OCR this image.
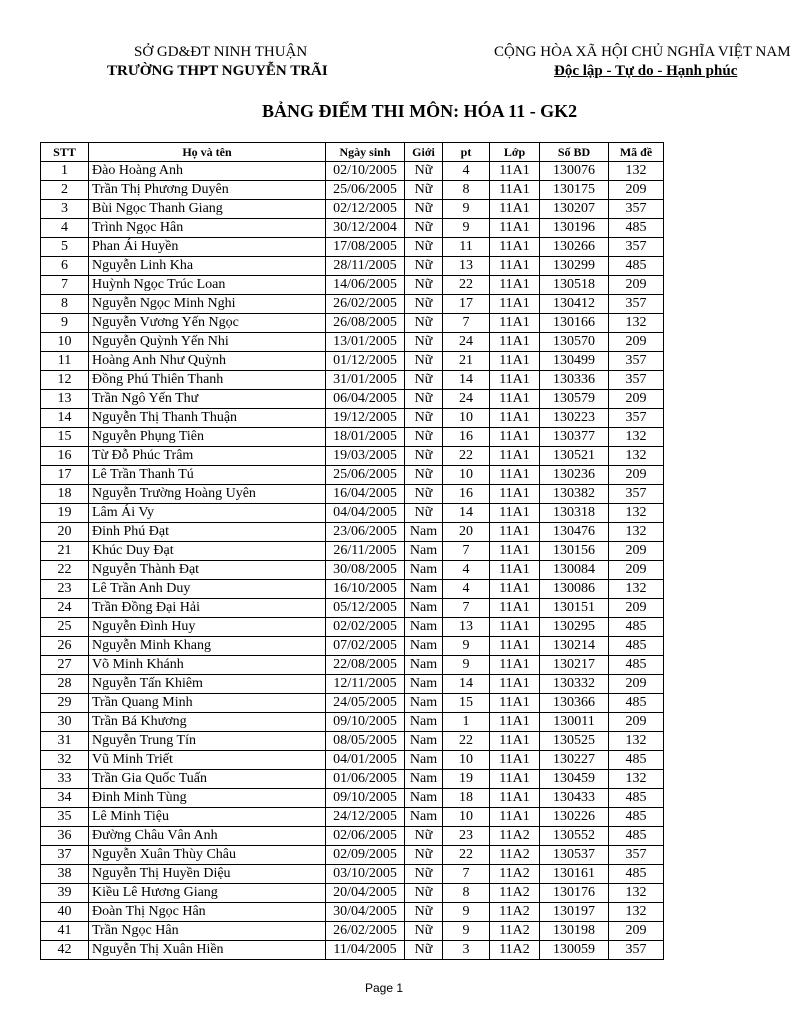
SỞ GD&ĐT NINH THUẬN
TRƯỜNG THPT NGUYỄN TRÃI
CỘNG HÒA XÃ HỘI CHỦ NGHĨA VIỆT NAM
Độc lập - Tự do - Hạnh phúc
BẢNG ĐIỂM THI MÔN: HÓA 11 - GK2
STT	Họ và tên	Ngày sinh	Giới	pt	Lớp	Số BD	Mã đề
1	Đào Hoàng Anh	02/10/2005	Nữ	4	11A1	130076	132
2	Trần Thị Phương Duyên	25/06/2005	Nữ	8	11A1	130175	209
3	Bùi Ngọc Thanh Giang	02/12/2005	Nữ	9	11A1	130207	357
4	Trình Ngọc Hân	30/12/2004	Nữ	9	11A1	130196	485
5	Phan Ái Huyền	17/08/2005	Nữ	11	11A1	130266	357
6	Nguyễn Linh Kha	28/11/2005	Nữ	13	11A1	130299	485
7	Huỳnh Ngọc Trúc Loan	14/06/2005	Nữ	22	11A1	130518	209
8	Nguyễn Ngọc Minh Nghi	26/02/2005	Nữ	17	11A1	130412	357
9	Nguyễn Vương Yến Ngọc	26/08/2005	Nữ	7	11A1	130166	132
10	Nguyễn Quỳnh Yến Nhi	13/01/2005	Nữ	24	11A1	130570	209
11	Hoàng Anh Như Quỳnh	01/12/2005	Nữ	21	11A1	130499	357
12	Đồng Phú Thiên Thanh	31/01/2005	Nữ	14	11A1	130336	357
13	Trần Ngô Yến Thư	06/04/2005	Nữ	24	11A1	130579	209
14	Nguyễn Thị Thanh Thuận	19/12/2005	Nữ	10	11A1	130223	357
15	Nguyễn Phụng Tiên	18/01/2005	Nữ	16	11A1	130377	132
16	Từ Đỗ Phúc Trâm	19/03/2005	Nữ	22	11A1	130521	132
17	Lê Trần Thanh Tú	25/06/2005	Nữ	10	11A1	130236	209
18	Nguyễn Trường Hoàng Uyên	16/04/2005	Nữ	16	11A1	130382	357
19	Lâm Ái Vy	04/04/2005	Nữ	14	11A1	130318	132
20	Đinh Phú Đạt	23/06/2005	Nam	20	11A1	130476	132
21	Khúc Duy Đạt	26/11/2005	Nam	7	11A1	130156	209
22	Nguyễn Thành Đạt	30/08/2005	Nam	4	11A1	130084	209
23	Lê Trần Anh Duy	16/10/2005	Nam	4	11A1	130086	132
24	Trần Đồng Đại Hải	05/12/2005	Nam	7	11A1	130151	209
25	Nguyễn Đình Huy	02/02/2005	Nam	13	11A1	130295	485
26	Nguyễn Minh Khang	07/02/2005	Nam	9	11A1	130214	485
27	Võ Minh Khánh	22/08/2005	Nam	9	11A1	130217	485
28	Nguyễn Tấn Khiêm	12/11/2005	Nam	14	11A1	130332	209
29	Trần Quang Minh	24/05/2005	Nam	15	11A1	130366	485
30	Trần Bá Khương	09/10/2005	Nam	1	11A1	130011	209
31	Nguyễn Trung Tín	08/05/2005	Nam	22	11A1	130525	132
32	Vũ Minh Triết	04/01/2005	Nam	10	11A1	130227	485
33	Trần Gia Quốc Tuấn	01/06/2005	Nam	19	11A1	130459	132
34	Đinh Minh Tùng	09/10/2005	Nam	18	11A1	130433	485
35	Lê Minh Tiệu	24/12/2005	Nam	10	11A1	130226	485
36	Đường Châu Vân Anh	02/06/2005	Nữ	23	11A2	130552	485
37	Nguyễn Xuân Thùy Châu	02/09/2005	Nữ	22	11A2	130537	357
38	Nguyễn Thị Huyền Diệu	03/10/2005	Nữ	7	11A2	130161	485
39	Kiều Lê Hương Giang	20/04/2005	Nữ	8	11A2	130176	132
40	Đoàn Thị Ngọc Hân	30/04/2005	Nữ	9	11A2	130197	132
41	Trần Ngọc Hân	26/02/2005	Nữ	9	11A2	130198	209
42	Nguyễn Thị Xuân Hiền	11/04/2005	Nữ	3	11A2	130059	357
Page 1
